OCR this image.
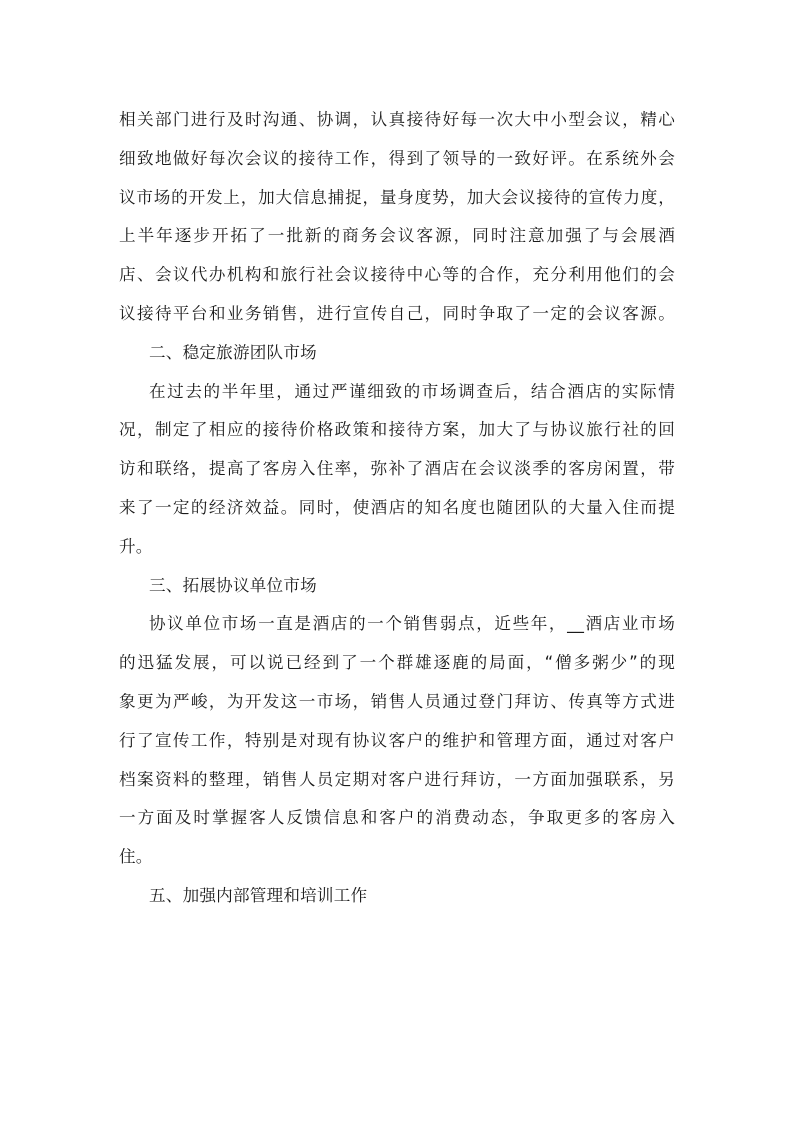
相关部门进行及时沟通、协调，认真接待好每一次大中小型会议，精心
细致地做好每次会议的接待工作，得到了领导的一致好评。在系统外会
议市场的开发上，加大信息捕捉，量身度势，加大会议接待的宣传力度，
上半年逐步开拓了一批新的商务会议客源，同时注意加强了与会展酒
店、会议代办机构和旅行社会议接待中心等的合作，充分利用他们的会
议接待平台和业务销售，进行宣传自己，同时争取了一定的会议客源。
二、稳定旅游团队市场
在过去的半年里，通过严谨细致的市场调查后，结合酒店的实际情
况，制定了相应的接待价格政策和接待方案，加大了与协议旅行社的回
访和联络，提高了客房入住率，弥补了酒店在会议淡季的客房闲置，带
来了一定的经济效益。同时，使酒店的知名度也随团队的大量入住而提
升。
三、拓展协议单位市场
协议单位市场一直是酒店的一个销售弱点，近些年，__酒店业市场
的迅猛发展，可以说已经到了一个群雄逐鹿的局面，“僧多粥少”的现
象更为严峻，为开发这一市场，销售人员通过登门拜访、传真等方式进
行了宣传工作，特别是对现有协议客户的维护和管理方面，通过对客户
档案资料的整理，销售人员定期对客户进行拜访，一方面加强联系，另
一方面及时掌握客人反馈信息和客户的消费动态，争取更多的客房入
住。
五、加强内部管理和培训工作
